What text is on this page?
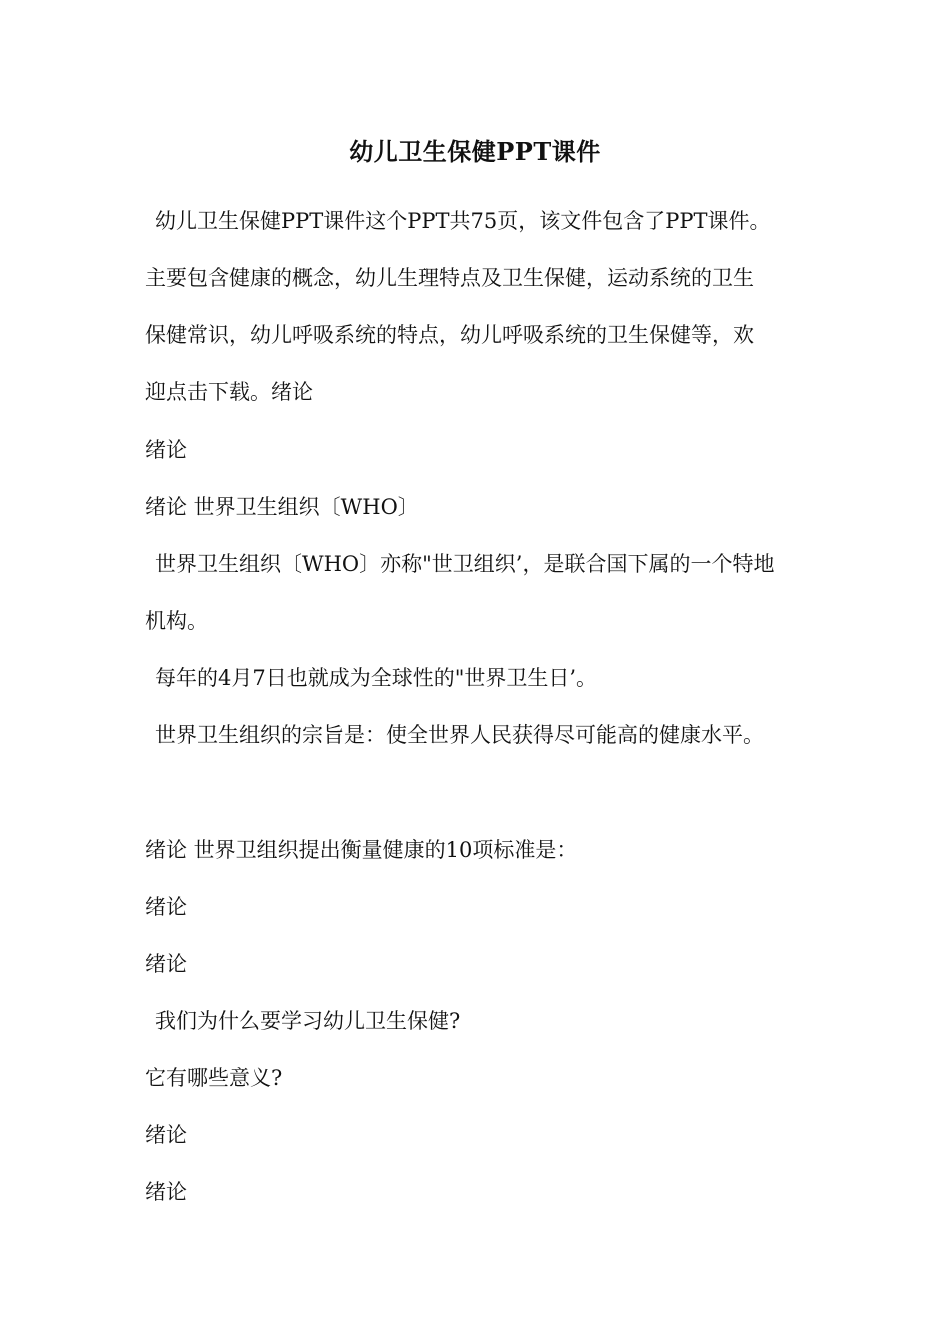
幼儿卫生保健PPT课件
幼儿卫生保健PPT课件这个PPT共75页，该文件包含了PPT课件。
主要包含健康的概念，幼儿生理特点及卫生保健，运动系统的卫生
保健常识，幼儿呼吸系统的特点，幼儿呼吸系统的卫生保健等，欢
迎点击下载。绪论
绪论
绪论 世界卫生组织〔WHO〕
世界卫生组织〔WHO〕亦称"世卫组织’，是联合国下属的一个特地
机构。
每年的4月7日也就成为全球性的"世界卫生日’。
世界卫生组织的宗旨是：使全世界人民获得尽可能高的健康水平。
绪论 世界卫组织提出衡量健康的10项标准是：
绪论
绪论
我们为什么要学习幼儿卫生保健?
它有哪些意义?
绪论
绪论
